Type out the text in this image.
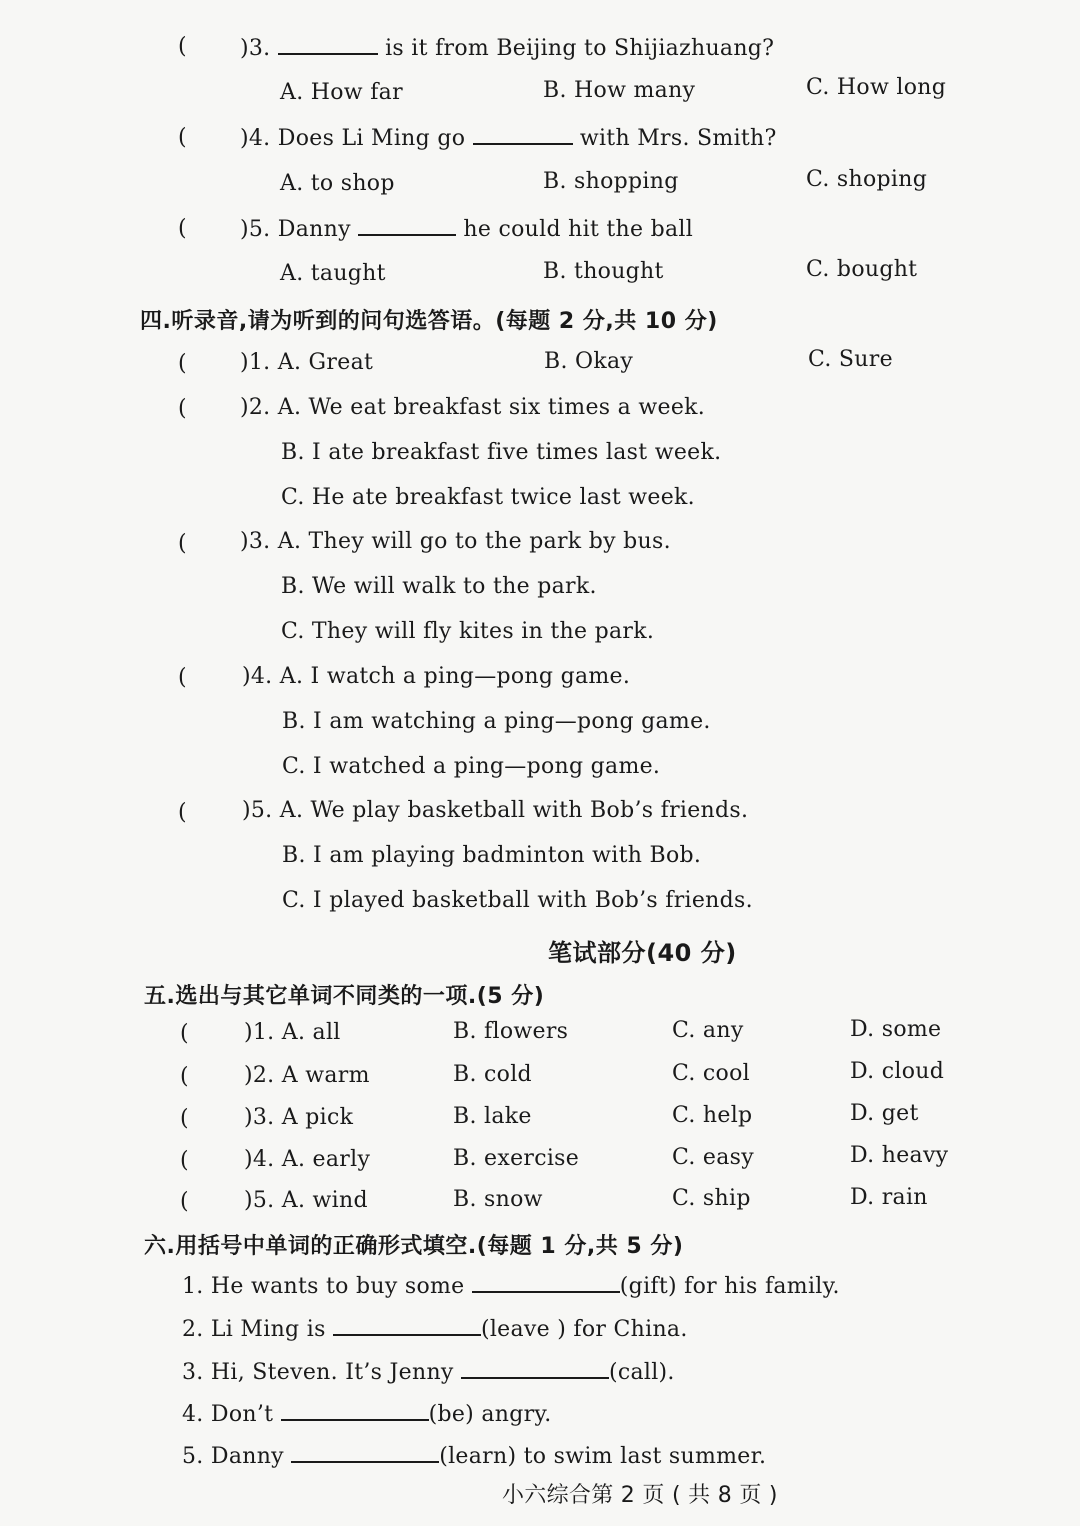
( )3.	is it from Beijing to Shijiazhuang?
A. How far	B. How many	C. How long
( )4. Does Li Ming go	with Mrs. Smith?
A. to shop	B. shopping	C. shoping
( )5. Danny	he could hit the ball
A. taught	B. thought	C. bought
四.听录音,请为听到的问句选答语。(每题 2 分,共 10 分)
( )1. A. Great	B. Okay	C. Sure
( )2. A. We eat breakfast six times a week.
B. I ate breakfast five times last week.
C. He ate breakfast twice last week.
( )3. A. They will go to the park by bus.
B. We will walk to the park.
C. They will fly kites in the park.
(	)4. A. I watch a ping—pong game.
B. I am watching a ping—pong game.
C. I watched a ping—pong game.
(	)5. A. We play basketball with Bob’s friends.
B. I am playing badminton with Bob.
C. I played basketball with Bob’s friends.
笔试部分(40 分)
五.选出与其它单词不同类的一项.(5 分)
(	)1. A. all	B. flowers	C. any	D. some
(	)2. A warm	B. cold	C. cool	D. cloud
(	)3. A pick	B. lake	C. help	D. get
(	)4. A. early	B. exercise	C. easy	D. heavy
(	)5. A. wind	B. snow	C. ship	D. rain
六.用括号中单词的正确形式填空.(每题 1 分,共 5 分)
1. He wants to buy some	(gift) for his family.
2. Li Ming is	(leave ) for China.
3. Hi, Steven. It’s Jenny	(call).
4. Don’t	(be) angry.
5. Danny	(learn) to swim last summer.
小六综合第 2 页 ( 共 8 页 )
